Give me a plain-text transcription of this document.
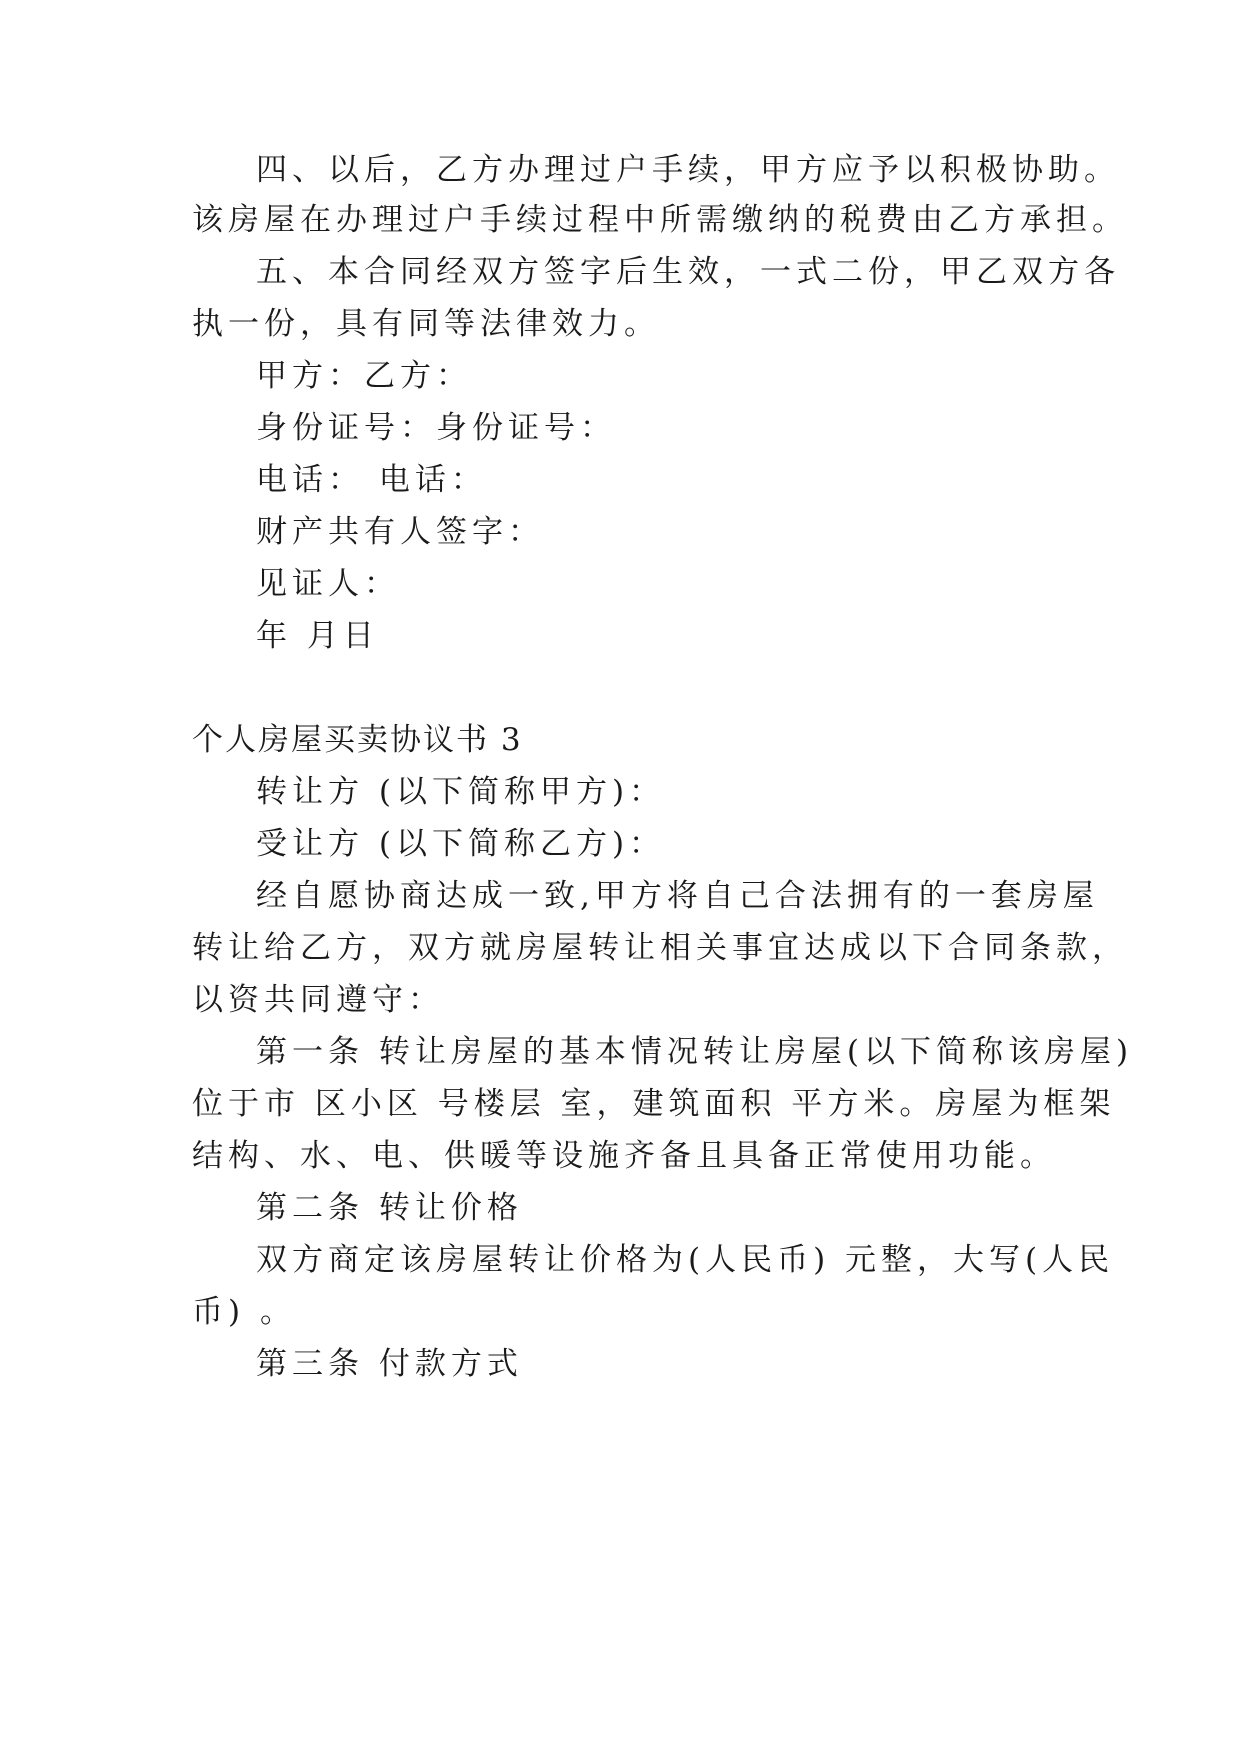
四、以后，乙方办理过户手续，甲方应予以积极协助。
该房屋在办理过户手续过程中所需缴纳的税费由乙方承担。
五、本合同经双方签字后生效，一式二份，甲乙双方各
执一份，具有同等法律效力。
甲方：乙方：
身份证号：身份证号：
电话： 电话：
财产共有人签字：
见证人：
年 月日
个人房屋买卖协议书 3
转让方 (以下简称甲方)：
受让方 (以下简称乙方)：
经自愿协商达成一致,甲方将自己合法拥有的一套房屋
转让给乙方，双方就房屋转让相关事宜达成以下合同条款，
以资共同遵守：
第一条 转让房屋的基本情况转让房屋(以下简称该房屋)
位于市 区小区 号楼层 室，建筑面积 平方米。房屋为框架
结构、水、电、供暖等设施齐备且具备正常使用功能。
第二条 转让价格
双方商定该房屋转让价格为(人民币) 元整，大写(人民
币) 。
第三条 付款方式
